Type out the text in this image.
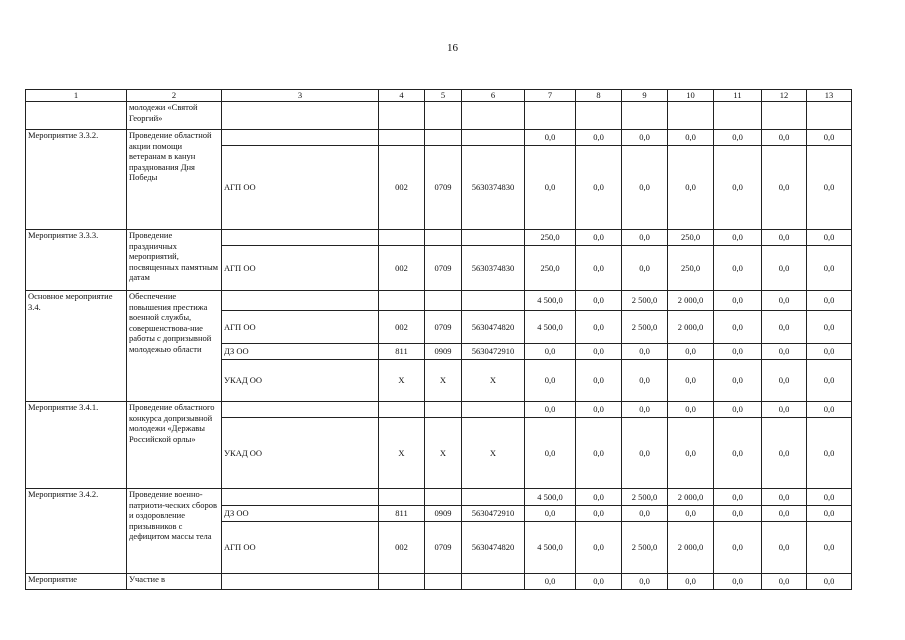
16
1	2	3	4	5	6	7	8	9	10	11	12	13
	молодежи «Святой Георгий»											
Мероприятие 3.3.2.	Проведение областной акции помощи ветеранам в канун празднования Дня Победы					0,0	0,0	0,0	0,0	0,0	0,0	0,0
		АГП ОО	002	0709	5630374830	0,0	0,0	0,0	0,0	0,0	0,0	0,0
Мероприятие 3.3.3.	Проведение праздничных мероприятий, посвященных памятным датам					250,0	0,0	0,0	250,0	0,0	0,0	0,0
		АГП ОО	002	0709	5630374830	250,0	0,0	0,0	250,0	0,0	0,0	0,0
Основное мероприятие 3.4.	Обеспечение повышения престижа военной службы, совершенствова-ние работы с допризывной молодежью области					4 500,0	0,0	2 500,0	2 000,0	0,0	0,0	0,0
		АГП ОО	002	0709	5630474820	4 500,0	0,0	2 500,0	2 000,0	0,0	0,0	0,0
		ДЗ ОО	811	0909	5630472910	0,0	0,0	0,0	0,0	0,0	0,0	0,0
		УКАД ОО	Х	Х	Х	0,0	0,0	0,0	0,0	0,0	0,0	0,0
Мероприятие 3.4.1.	Проведение областного конкурса допризывной молодежи «Державы Российской орлы»					0,0	0,0	0,0	0,0	0,0	0,0	0,0
		УКАД ОО	Х	Х	Х	0,0	0,0	0,0	0,0	0,0	0,0	0,0
Мероприятие 3.4.2.	Проведение военно-патриоти-ческих сборов и оздоровление призывников с дефицитом массы тела					4 500,0	0,0	2 500,0	2 000,0	0,0	0,0	0,0
		ДЗ ОО	811	0909	5630472910	0,0	0,0	0,0	0,0	0,0	0,0	0,0
		АГП ОО	002	0709	5630474820	4 500,0	0,0	2 500,0	2 000,0	0,0	0,0	0,0
Мероприятие	Участие в					0,0	0,0	0,0	0,0	0,0	0,0	0,0
